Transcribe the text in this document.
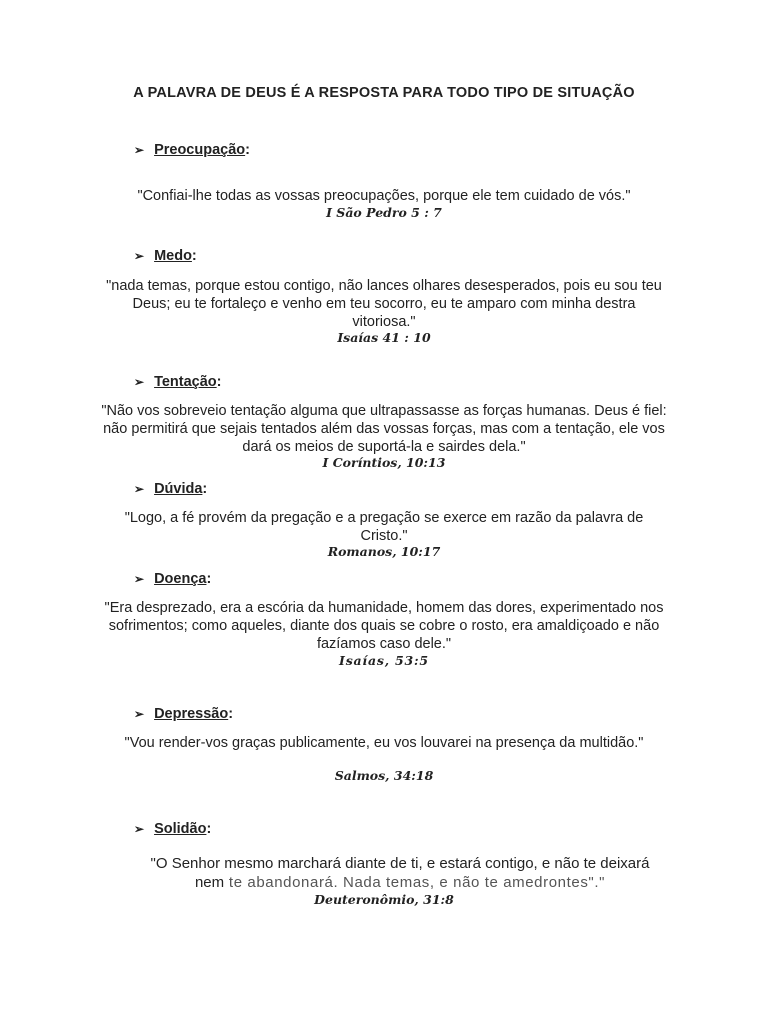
A PALAVRA DE DEUS É A RESPOSTA PARA TODO TIPO DE SITUAÇÃO
➢ Preocupação :
"Confiai-lhe todas as vossas preocupações, porque ele tem cuidado de vós."
I São Pedro 5 : 7
➢ Medo :
"nada temas, porque estou contigo, não lances olhares desesperados, pois eu sou teu Deus; eu te fortaleço e venho em teu socorro, eu te amparo com minha destra vitoriosa."
Isaías 41 : 10
➢ Tentação :
"Não vos sobreveio tentação alguma que ultrapassasse as forças humanas. Deus é fiel: não permitirá que sejais tentados além das vossas forças, mas com a tentação, ele vos dará os meios de suportá-la e sairdes dela."
I Coríntios, 10:13
➢ Dúvida :
"Logo, a fé provém da pregação e a pregação se exerce em razão da palavra de Cristo."
Romanos, 10:17
➢ Doença :
"Era desprezado, era a escória da humanidade, homem das dores, experimentado nos sofrimentos; como aqueles, diante dos quais se cobre o rosto, era amaldiçoado e não fazíamos caso dele."
Isaías, 53:5
➢ Depressão :
"Vou render-vos graças publicamente, eu vos louvarei na presença da multidão."
Salmos, 34:18
➢ Solidão :
"O Senhor mesmo marchará diante de ti, e estará contigo, e não te deixará nem te abandonará. Nada temas, e não te amedrontes"."
Deuteronômio, 31:8
